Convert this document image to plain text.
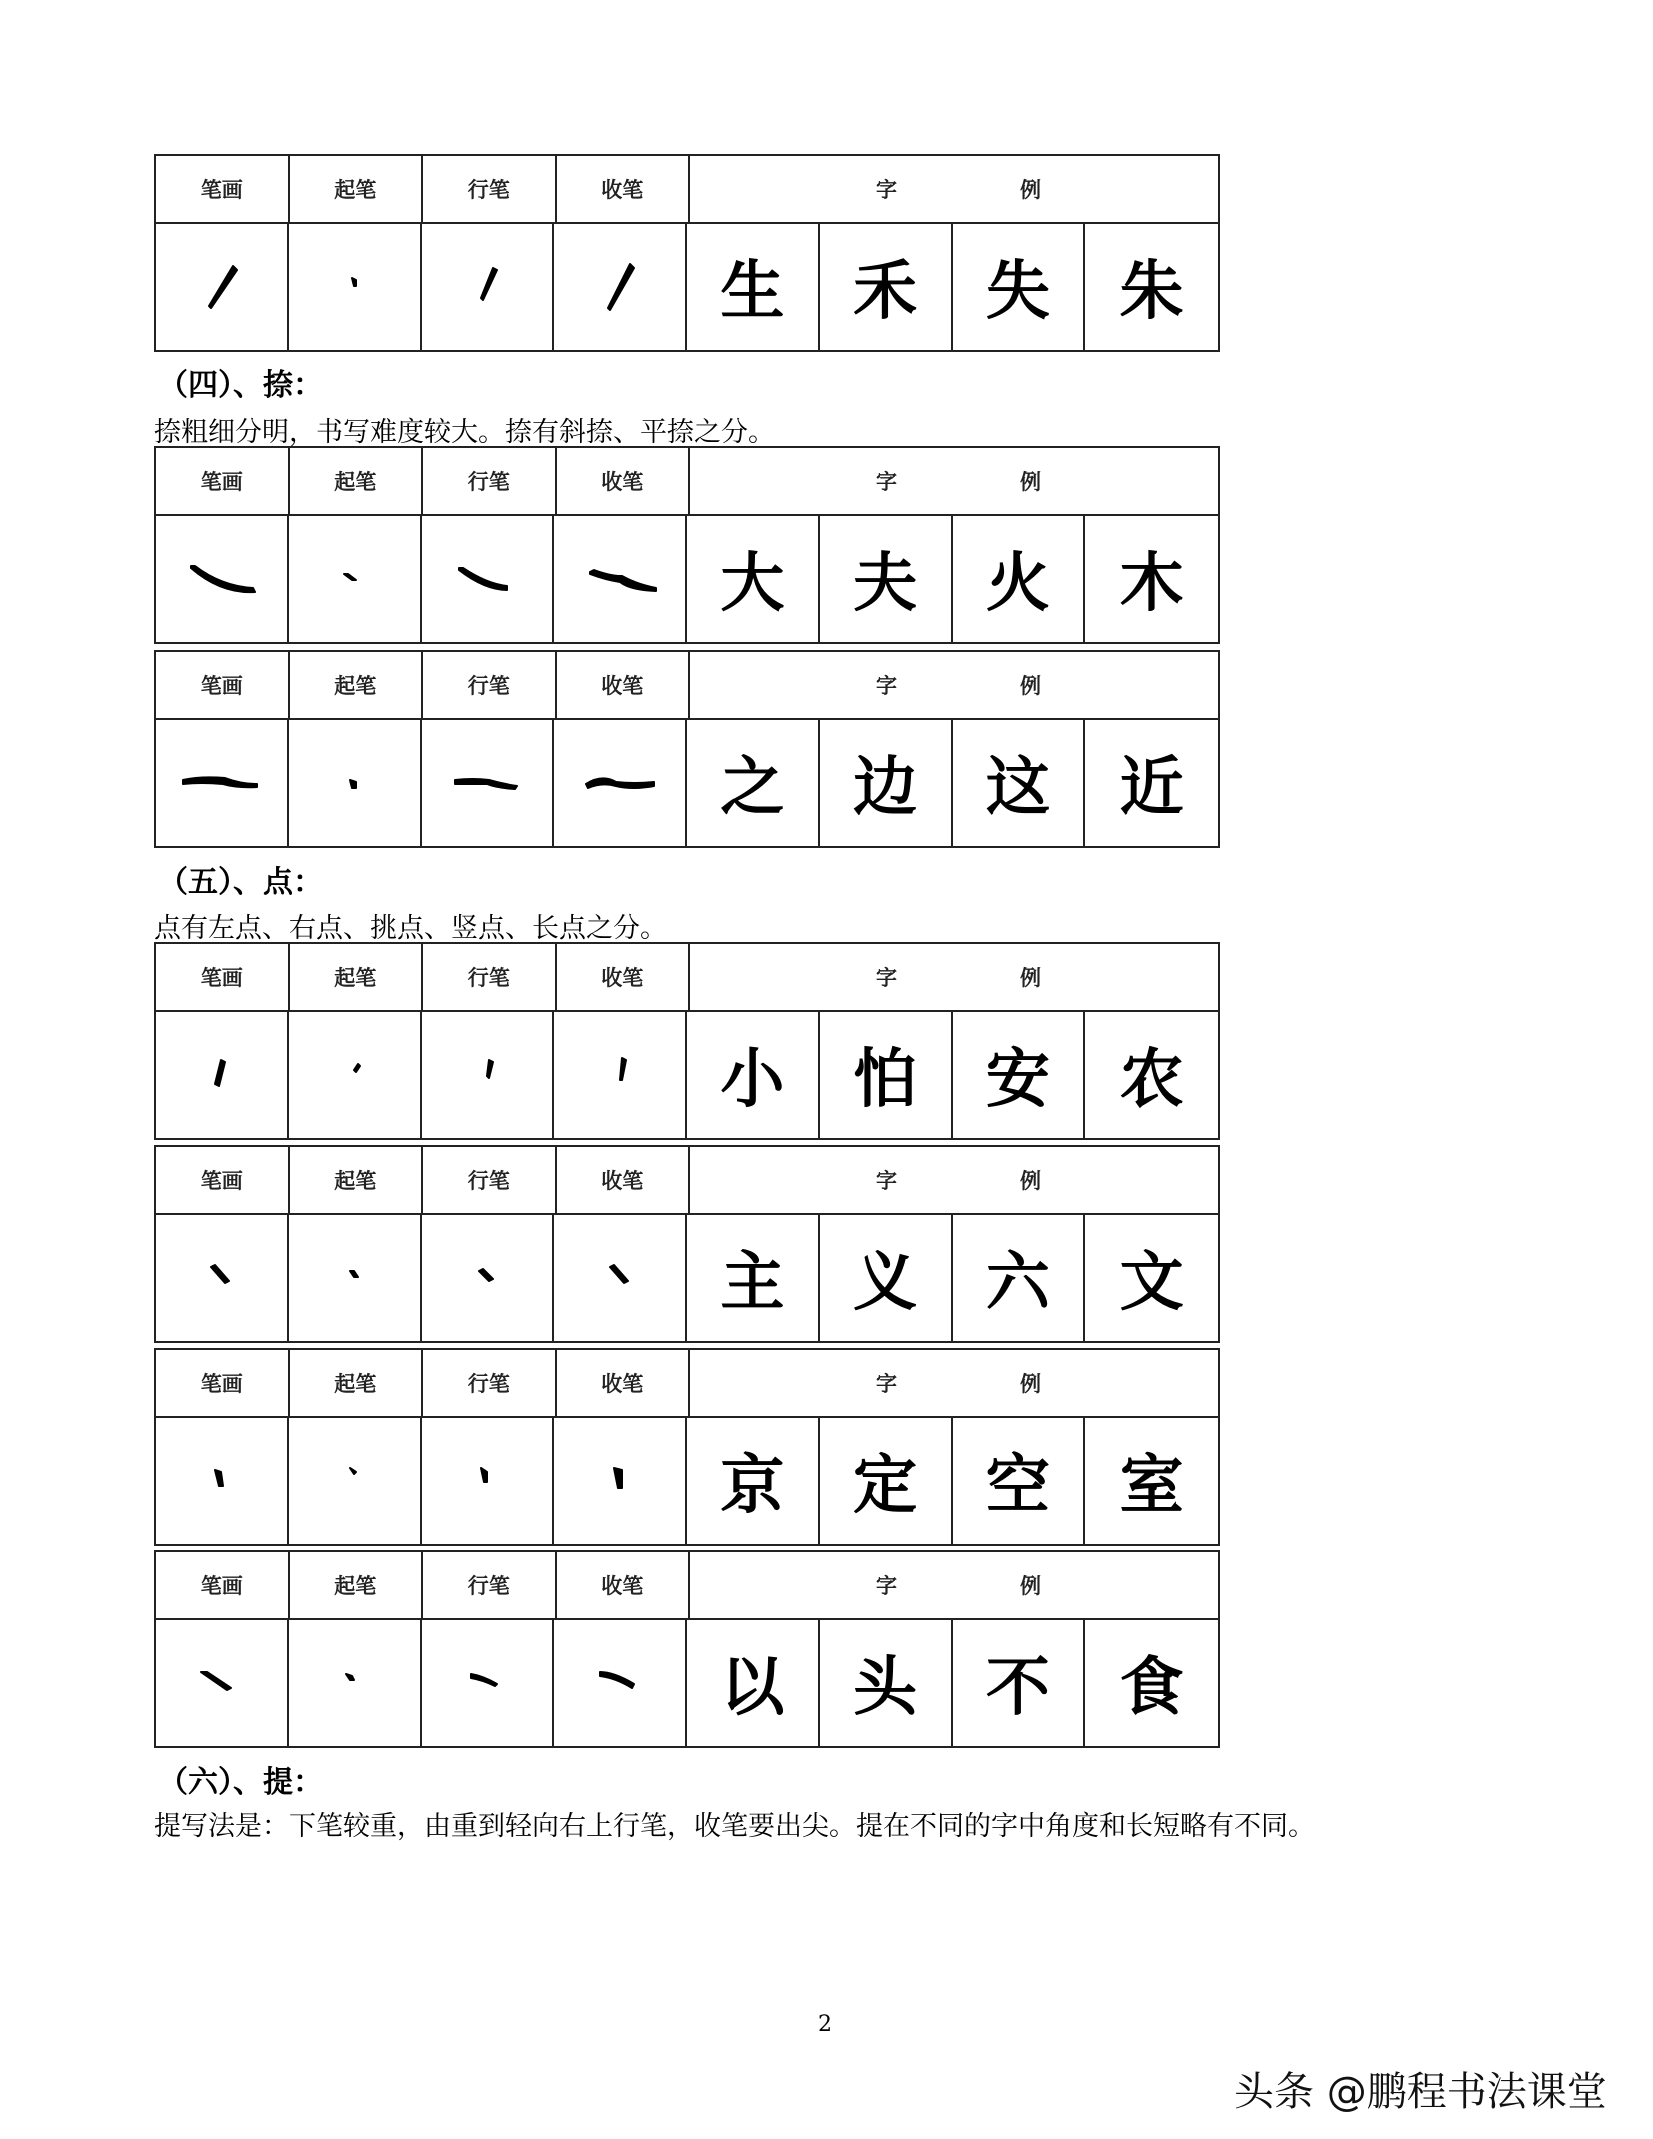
笔画	起笔	行笔	收笔	字	例
生 禾 失 朱
笔画	起笔	行笔	收笔	字	例
大 夫 火 木
笔画	起笔	行笔	收笔	字	例
之 边 这 近
笔画	起笔	行笔	收笔	字	例
小 怕 安 农
笔画	起笔	行笔	收笔	字	例
主 义 六 文
笔画	起笔	行笔	收笔	字	例
京 定 空 室
笔画	起笔	行笔	收笔	字	例
以 头 不 食
（四）、捺：
捺粗细分明，书写难度较大。捺有斜捺、平捺之分。
（五）、点：
点有左点、右点、挑点、竖点、长点之分。
（六）、提：
提写法是：下笔较重，由重到轻向右上行笔，收笔要出尖。提在不同的字中角度和长短略有不同。
2
头条 @鹏程书法课堂
